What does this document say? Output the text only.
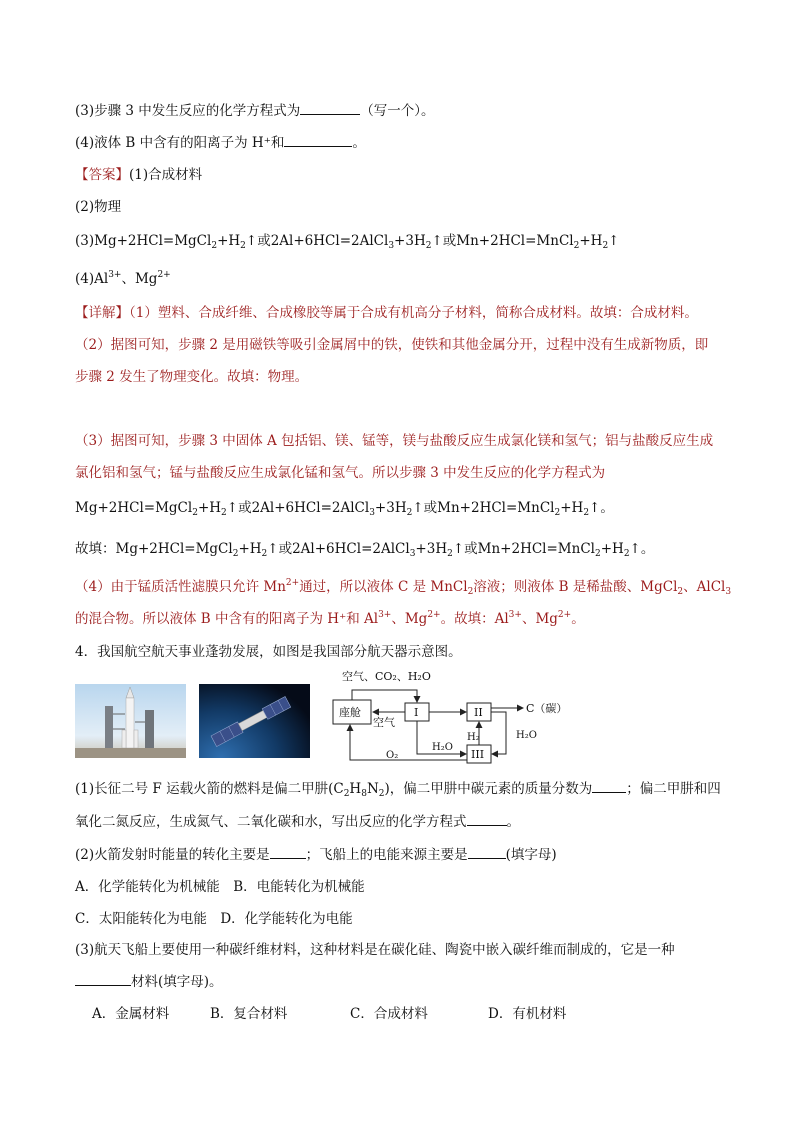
(3)步骤 3 中发生反应的化学方程式为	（写一个）。
(4)液体 B 中含有的阳离子为 H⁺和	。
【答案】(1)合成材料
(2)物理
$(3)Mg+2HCl=MgCl_2+H_2↑$或$2Al+6HCl=2AlCl_3+3H_2↑$或$Mn+2HCl=MnCl_2+H_2↑$
$(4)Al^{3+}$、$Mg^{2+}$
【详解】（1）塑料、合成纤维、合成橡胶等属于合成有机高分子材料，简称合成材料。故填：合成材料。
（2）据图可知，步骤 2 是用磁铁等吸引金属屑中的铁，使铁和其他金属分开，过程中没有生成新物质，即
步骤 2 发生了物理变化。故填：物理。
（3）据图可知，步骤 3 中固体 A 包括铝、镁、锰等，镁与盐酸反应生成氯化镁和氢气；铝与盐酸反应生成
氯化铝和氢气；锰与盐酸反应生成氯化锰和氢气。所以步骤 3 中发生反应的化学方程式为
$Mg+2HCl=MgCl_2+H_2↑$或$2Al+6HCl=2AlCl_3+3H_2↑$或$Mn+2HCl=MnCl_2+H_2↑$。
故填：$Mg+2HCl=MgCl_2+H_2↑$或$2Al+6HCl=2AlCl_3+3H_2↑$或$Mn+2HCl=MnCl_2+H_2↑$。
（4）由于锰质活性滤膜只允许 $Mn^{2+}$通过，所以液体 C 是 MnCl$_2$溶液；则液体 B 是稀盐酸、MgCl$_2$、AlCl$_3$
的混合物。所以液体 B 中含有的阳离子为 H⁺和 $Al^{3+}$、$Mg^{2+}$。故填：$Al^{3+}$、$Mg^{2+}$。
4．我国航空航天事业蓬勃发展，如图是我国部分航天器示意图。
空气、CO₂、H₂O
座舱	I	II
III
空气
C（碳）
H₂
H₂O
H₂O
O₂
(1)长征二号 F 运载火箭的燃料是偏二甲肼$(C_2H_8N_2)$，偏二甲肼中碳元素的质量分数为	；偏二甲肼和四
氧化二氮反应，生成氮气、二氧化碳和水，写出反应的化学方程式	。
(2)火箭发射时能量的转化主要是	；飞船上的电能来源主要是	(填字母)
A．化学能转化为机械能　B．电能转化为机械能
C．太阳能转化为电能　D．化学能转化为电能
(3)航天飞船上要使用一种碳纤维材料，这种材料是在碳化硅、陶瓷中嵌入碳纤维而制成的，它是一种
材料(填字母)。
A．金属材料	B．复合材料	C．合成材料	D．有机材料
